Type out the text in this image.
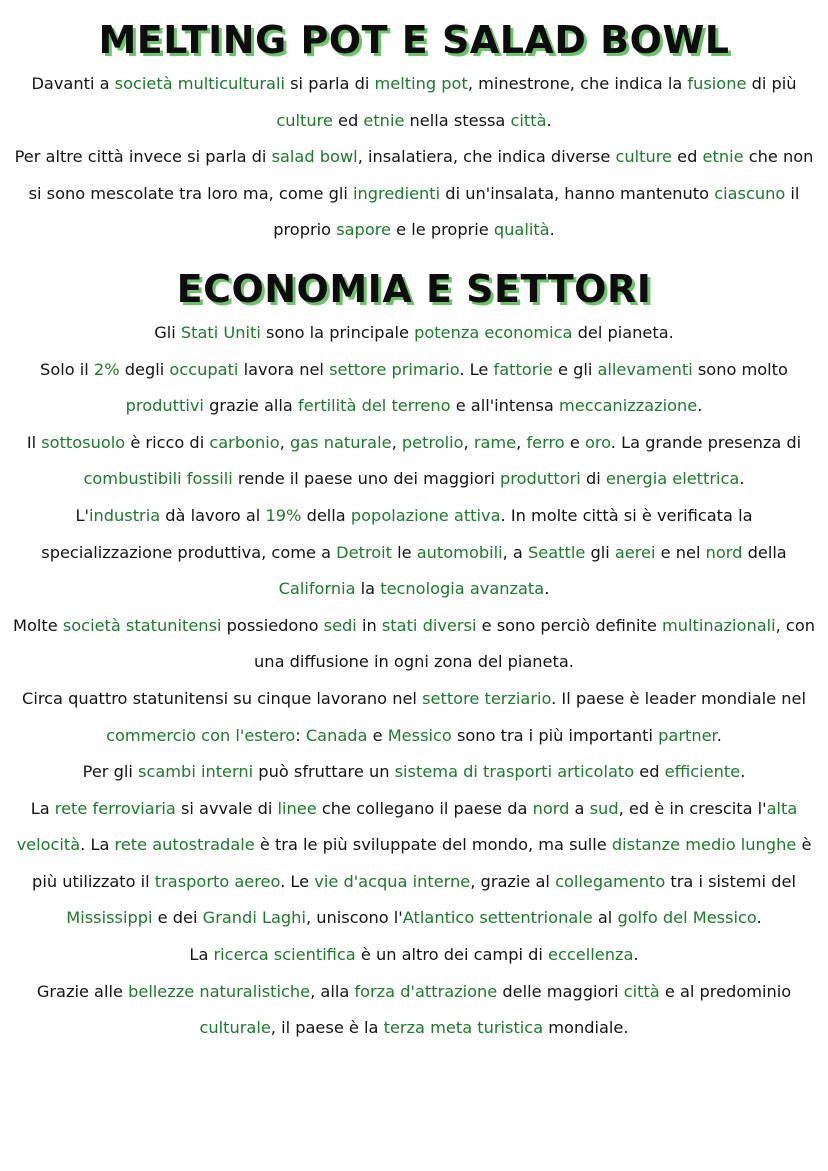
MELTING POT E SALAD BOWL

Davanti a società multiculturali si parla di melting pot, minestrone, che indica la fusione di più culture ed etnie nella stessa città.

Per altre città invece si parla di salad bowl, insalatiera, che indica diverse culture ed etnie che non si sono mescolate tra loro ma, come gli ingredienti di un'insalata, hanno mantenuto ciascuno il proprio sapore e le proprie qualità.

ECONOMIA E SETTORI

Gli Stati Uniti sono la principale potenza economica del pianeta.

Solo il 2% degli occupati lavora nel settore primario. Le fattorie e gli allevamenti sono molto produttivi grazie alla fertilità del terreno e all'intensa meccanizzazione.

Il sottosuolo è ricco di carbonio, gas naturale, petrolio, rame, ferro e oro. La grande presenza di combustibili fossili rende il paese uno dei maggiori produttori di energia elettrica.

L'industria dà lavoro al 19% della popolazione attiva. In molte città si è verificata la specializzazione produttiva, come a Detroit le automobili, a Seattle gli aerei e nel nord della California la tecnologia avanzata.

Molte società statunitensi possiedono sedi in stati diversi e sono perciò definite multinazionali, con una diffusione in ogni zona del pianeta.

Circa quattro statunitensi su cinque lavorano nel settore terziario. Il paese è leader mondiale nel commercio con l'estero: Canada e Messico sono tra i più importanti partner.

Per gli scambi interni può sfruttare un sistema di trasporti articolato ed efficiente.

La rete ferroviaria si avvale di linee che collegano il paese da nord a sud, ed è in crescita l'alta velocità. La rete autostradale è tra le più sviluppate del mondo, ma sulle distanze medio lunghe è più utilizzato il trasporto aereo. Le vie d'acqua interne, grazie al collegamento tra i sistemi del Mississippi e dei Grandi Laghi, uniscono l'Atlantico settentrionale al golfo del Messico.

La ricerca scientifica è un altro dei campi di eccellenza.

Grazie alle bellezze naturalistiche, alla forza d'attrazione delle maggiori città e al predominio culturale, il paese è la terza meta turistica mondiale.
